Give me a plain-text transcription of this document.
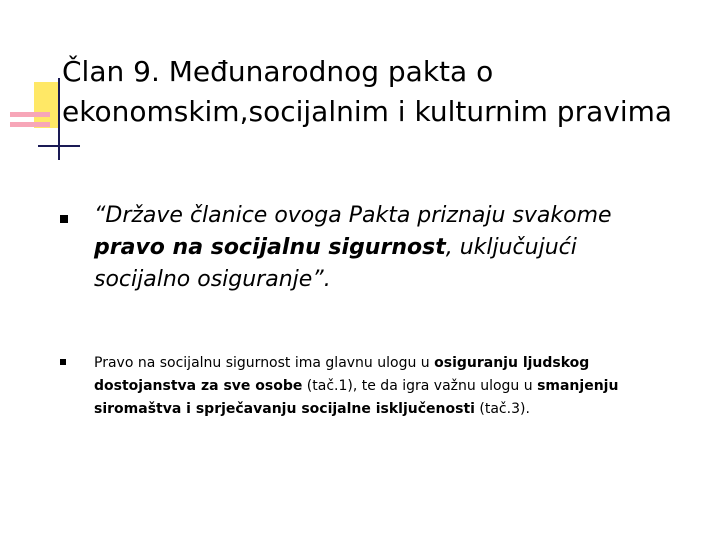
Član 9. Međunarodnog pakta o
ekonomskim,socijalnim i kulturnim pravima
“Države članice ovoga Pakta priznaju svakome pravo na socijalnu sigurnost, uključujući socijalno osiguranje”.
Pravo na socijalnu sigurnost ima glavnu ulogu u osiguranju ljudskog dostojanstva za sve osobe (tač.1), te da igra važnu ulogu u smanjenju siromaštva i sprječavanju socijalne isključenosti (tač.3).
